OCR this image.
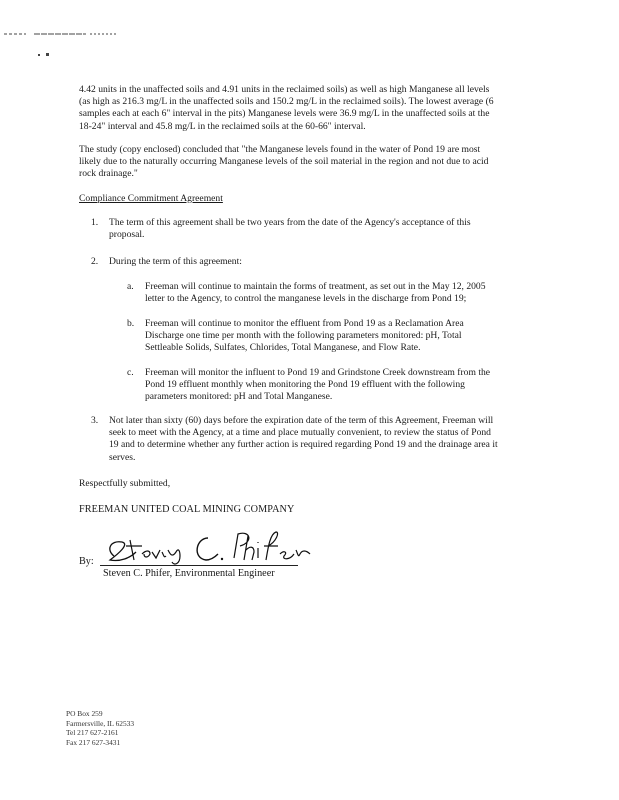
4.42 units in the unaffected soils and 4.91 units in the reclaimed soils) as well as high Manganese all levels
(as high as 216.3 mg/L in the unaffected soils and 150.2 mg/L in the reclaimed soils). The lowest average (6
samples each at each 6" interval in the pits) Manganese levels were 36.9 mg/L in the unaffected soils at the
18-24" interval and 45.8 mg/L in the reclaimed soils at the 60-66" interval.
The study (copy enclosed) concluded that "the Manganese levels found in the water of Pond 19 are most
likely due to the naturally occurring Manganese levels of the soil material in the region and not due to acid
rock drainage."

Compliance Commitment Agreement

1. The term of this agreement shall be two years from the date of the Agency's acceptance of this
proposal.
2. During the term of this agreement:
a. Freeman will continue to maintain the forms of treatment, as set out in the May 12, 2005
letter to the Agency, to control the manganese levels in the discharge from Pond 19;
b. Freeman will continue to monitor the effluent from Pond 19 as a Reclamation Area
Discharge one time per month with the following parameters monitored: pH, Total
Settleable Solids, Sulfates, Chlorides, Total Manganese, and Flow Rate.
c. Freeman will monitor the influent to Pond 19 and Grindstone Creek downstream from the
Pond 19 effluent monthly when monitoring the Pond 19 effluent with the following
parameters monitored: pH and Total Manganese.
3. Not later than sixty (60) days before the expiration date of the term of this Agreement, Freeman will
seek to meet with the Agency, at a time and place mutually convenient, to review the status of Pond
19 and to determine whether any further action is required regarding Pond 19 and the drainage area it
serves.

Respectfully submitted,

FREEMAN UNITED COAL MINING COMPANY

By:
Steven C. Phifer, Environmental Engineer
PO Box 259
Farmersville, IL 62533
Tel 217 627-2161
Fax 217 627-3431
